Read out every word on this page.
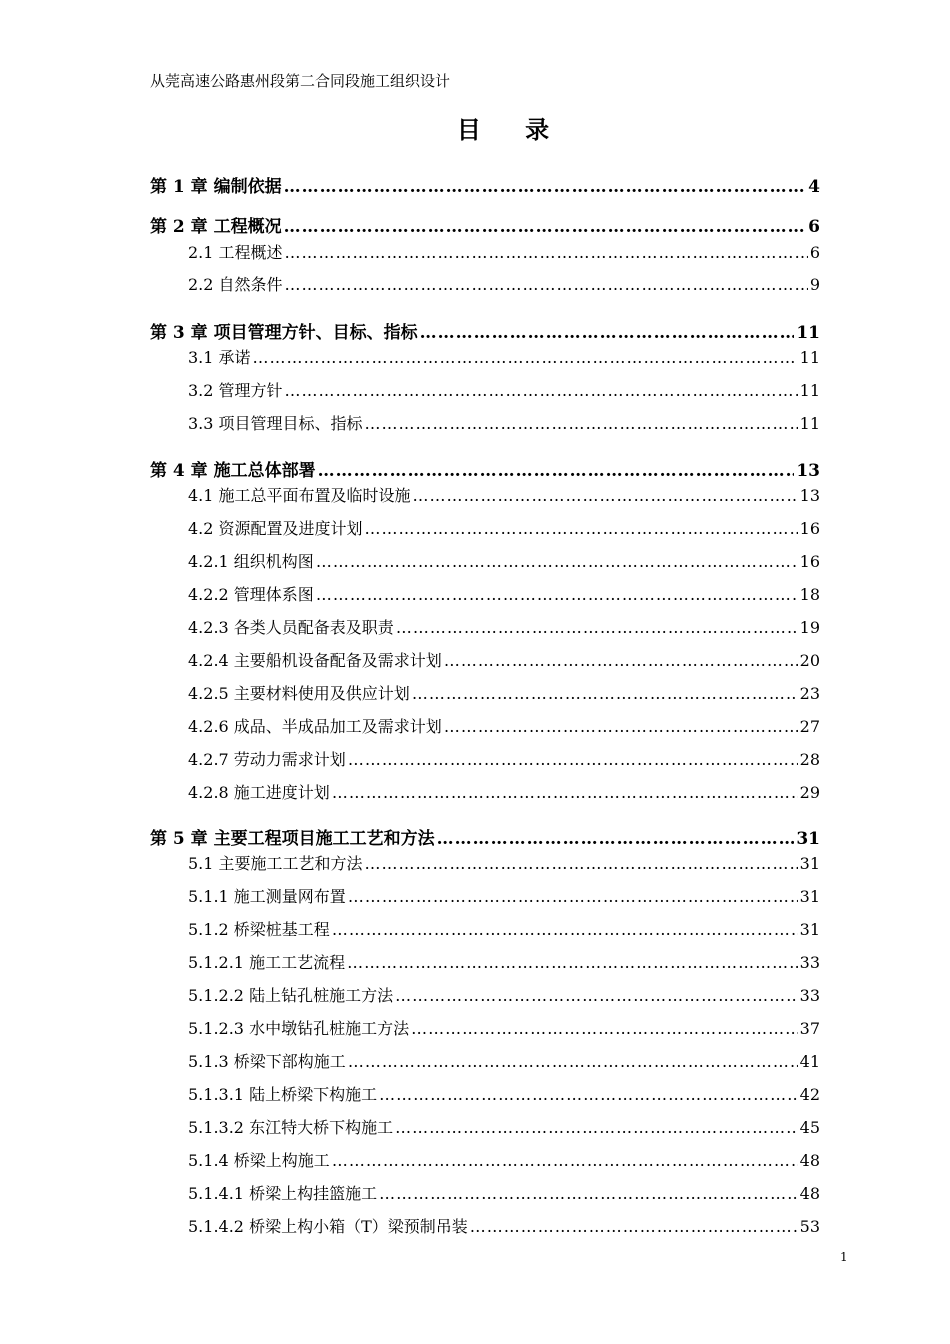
从莞高速公路惠州段第二合同段施工组织设计
目 录
第 1 章 编制依据 ………………………………………………………………………………………………………………………………………………………………	4
第 2 章 工程概况 ………………………………………………………………………………………………………………………………………………………………	6
2.1 工程概述 ………………………………………………………………………………………………………………………………………………………………	6
2.2 自然条件 ………………………………………………………………………………………………………………………………………………………………	9
第 3 章 项目管理方针、目标、指标 ………………………………………………………………………………………………………………………………………………………………	11
3.1 承诺 ………………………………………………………………………………………………………………………………………………………………	11
3.2 管理方针 ………………………………………………………………………………………………………………………………………………………………	11
3.3 项目管理目标、指标 ………………………………………………………………………………………………………………………………………………………………	11
第 4 章 施工总体部署 ………………………………………………………………………………………………………………………………………………………………	13
4.1 施工总平面布置及临时设施 ………………………………………………………………………………………………………………………………………………………………	13
4.2 资源配置及进度计划 ………………………………………………………………………………………………………………………………………………………………	16
4.2.1 组织机构图 ………………………………………………………………………………………………………………………………………………………………	16
4.2.2 管理体系图 ………………………………………………………………………………………………………………………………………………………………	18
4.2.3 各类人员配备表及职责 ………………………………………………………………………………………………………………………………………………………………	19
4.2.4 主要船机设备配备及需求计划 ………………………………………………………………………………………………………………………………………………………………	20
4.2.5 主要材料使用及供应计划 ………………………………………………………………………………………………………………………………………………………………	23
4.2.6 成品、半成品加工及需求计划 ………………………………………………………………………………………………………………………………………………………………	27
4.2.7 劳动力需求计划 ………………………………………………………………………………………………………………………………………………………………	28
4.2.8 施工进度计划 ………………………………………………………………………………………………………………………………………………………………	29
第 5 章 主要工程项目施工工艺和方法 ………………………………………………………………………………………………………………………………………………………………	31
5.1 主要施工工艺和方法 ………………………………………………………………………………………………………………………………………………………………	31
5.1.1 施工测量网布置 ………………………………………………………………………………………………………………………………………………………………	31
5.1.2 桥梁桩基工程 ………………………………………………………………………………………………………………………………………………………………	31
5.1.2.1 施工工艺流程 ………………………………………………………………………………………………………………………………………………………………	33
5.1.2.2 陆上钻孔桩施工方法 ………………………………………………………………………………………………………………………………………………………………	33
5.1.2.3 水中墩钻孔桩施工方法 ………………………………………………………………………………………………………………………………………………………………	37
5.1.3 桥梁下部构施工 ………………………………………………………………………………………………………………………………………………………………	41
5.1.3.1 陆上桥梁下构施工 ………………………………………………………………………………………………………………………………………………………………	42
5.1.3.2 东江特大桥下构施工 ………………………………………………………………………………………………………………………………………………………………	45
5.1.4 桥梁上构施工 ………………………………………………………………………………………………………………………………………………………………	48
5.1.4.1 桥梁上构挂篮施工 ………………………………………………………………………………………………………………………………………………………………	48
5.1.4.2 桥梁上构小箱（T）梁预制吊装 ………………………………………………………………………………………………………………………………………………………………	53
1
